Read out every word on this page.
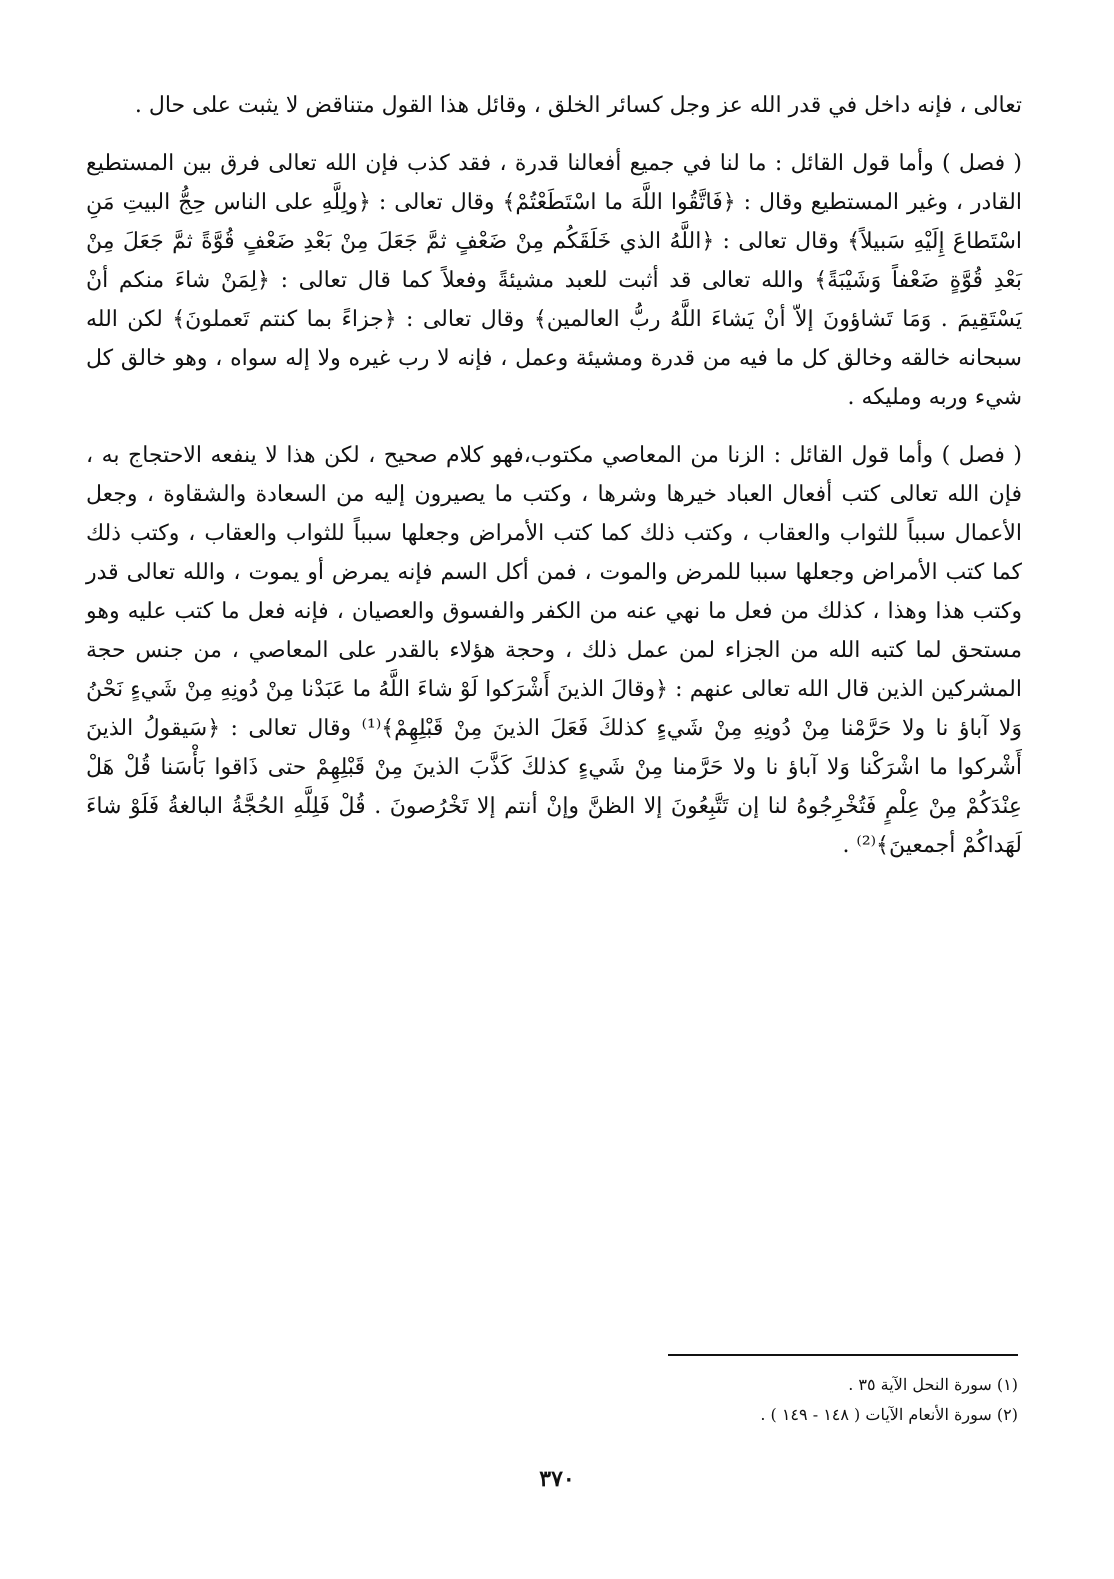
تعالى ، فإنه داخل في قدر الله عز وجل كسائر الخلق ، وقائل هذا القول متناقض لا يثبت على حال .

( فصل ) وأما قول القائل : ما لنا في جميع أفعالنا قدرة ، فقد كذب فإن الله تعالى فرق بين المستطيع القادر ، وغير المستطيع وقال : ﴿فَاتَّقُوا اللَّهَ ما اسْتَطَعْتُمْ﴾ وقال تعالى : ﴿ولِلَّهِ على الناس حِجُّ البيتِ مَنِ اسْتَطاعَ إِلَيْهِ سَبيلاً﴾ وقال تعالى : ﴿اللَّهُ الذي خَلَقَكُم مِنْ ضَعْفٍ ثمَّ جَعَلَ مِنْ بَعْدِ ضَعْفٍ قُوَّةً ثمَّ جَعَلَ مِنْ بَعْدِ قُوَّةٍ ضَعْفاً وَشَيْبَةً﴾ والله تعالى قد أثبت للعبد مشيئةً وفعلاً كما قال تعالى : ﴿لِمَنْ شاءَ منكم أنْ يَسْتَقِيمَ . وَمَا تَشاؤونَ إلاّ أنْ يَشاءَ اللَّهُ ربُّ العالمين﴾ وقال تعالى : ﴿جزاءً بما كنتم تَعملونَ﴾ لكن الله سبحانه خالقه وخالق كل ما فيه من قدرة ومشيئة وعمل ، فإنه لا رب غيره ولا إله سواه ، وهو خالق كل شيء وربه ومليكه .

( فصل ) وأما قول القائل : الزنا من المعاصي مكتوب،فهو كلام صحيح ، لكن هذا لا ينفعه الاحتجاج به ، فإن الله تعالى كتب أفعال العباد خيرها وشرها ، وكتب ما يصيرون إليه من السعادة والشقاوة ، وجعل الأعمال سبباً للثواب والعقاب ، وكتب ذلك كما كتب الأمراض وجعلها سبباً للثواب والعقاب ، وكتب ذلك كما كتب الأمراض وجعلها سببا للمرض والموت ، فمن أكل السم فإنه يمرض أو يموت ، والله تعالى قدر وكتب هذا وهذا ، كذلك من فعل ما نهي عنه من الكفر والفسوق والعصيان ، فإنه فعل ما كتب عليه وهو مستحق لما كتبه الله من الجزاء لمن عمل ذلك ، وحجة هؤلاء بالقدر على المعاصي ، من جنس حجة المشركين الذين قال الله تعالى عنهم : ﴿وقالَ الذينَ أَشْرَكوا لَوْ شاءَ اللَّهُ ما عَبَدْنا مِنْ دُونِهِ مِنْ شَيءٍ نَحْنُ وَلا آباؤ نا ولا حَرَّمْنا مِنْ دُونِهِ مِنْ شَيءٍ كذلكَ فَعَلَ الذينَ مِنْ قَبْلِهِمْ﴾⁽¹⁾ وقال تعالى : ﴿سَيقولُ الذينَ أَشْركوا ما اشْرَكْنا وَلا آباؤ نا ولا حَرَّمنا مِنْ شَيءٍ كذلكَ كَذَّبَ الذينَ مِنْ قَبْلِهِمْ حتى ذَاقوا بَأْسَنا قُلْ هَلْ عِنْدَكُمْ مِنْ عِلْمٍ فَتُخْرِجُوهُ لنا إن تَتَّبِعُونَ إلا الظنَّ وإنْ أنتم إلا تَخْرُصونَ . قُلْ فَلِلَّهِ الحُجَّةُ البالغةُ فَلَوْ شاءَ لَهَداكُمْ أجمعينَ﴾⁽²⁾ .

(١) سورة النحل الآية ٣٥ .

(٢) سورة الأنعام الآيات ( ١٤٨ - ١٤٩ ) .

٣٧٠
